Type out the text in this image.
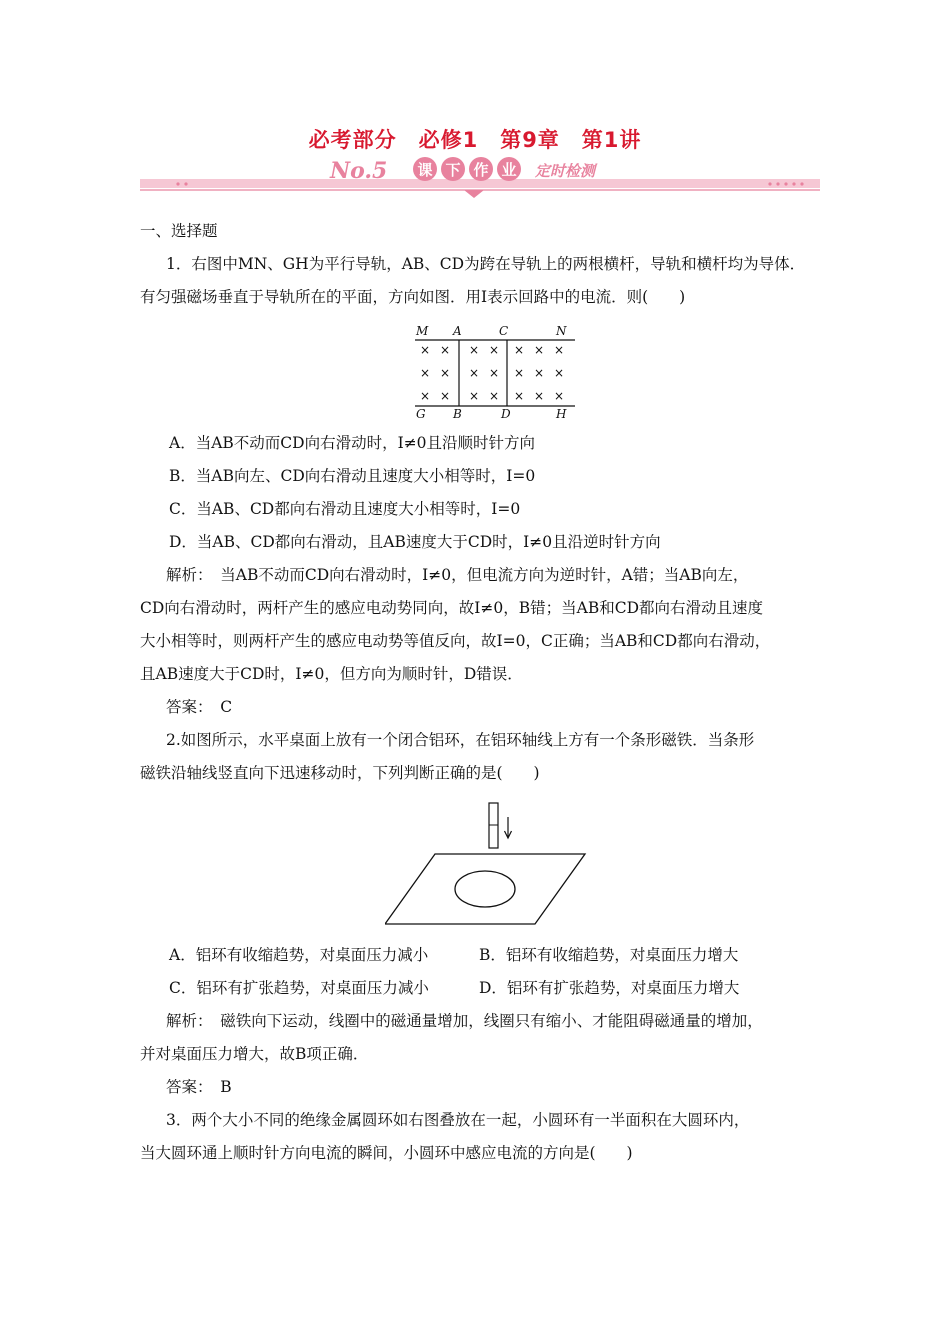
必考部分　必修1　第9章　第1讲
No.5 课 下 作 业 定时检测

一、选择题

1．右图中MN、GH为平行导轨，AB、CD为跨在导轨上的两根横杆，导轨和横杆均为导体．

有匀强磁场垂直于导轨所在的平面，方向如图．用I表示回路中的电流．则(　　)

M A	C	N
G B	D	H
× × × × × × ×
× × × × × × ×
× × × × × × ×

A．当AB不动而CD向右滑动时，I≠0且沿顺时针方向

B．当AB向左、CD向右滑动且速度大小相等时，I=0

C．当AB、CD都向右滑动且速度大小相等时，I=0

D．当AB、CD都向右滑动，且AB速度大于CD时，I≠0且沿逆时针方向

解析：　当AB不动而CD向右滑动时，I≠0，但电流方向为逆时针，A错；当AB向左，

CD向右滑动时，两杆产生的感应电动势同向，故I≠0，B错；当AB和CD都向右滑动且速度

大小相等时，则两杆产生的感应电动势等值反向，故I=0，C正确；当AB和CD都向右滑动，

且AB速度大于CD时，I≠0，但方向为顺时针，D错误．

答案：　C

2.如图所示，水平桌面上放有一个闭合铝环，在铝环轴线上方有一个条形磁铁．当条形

磁铁沿轴线竖直向下迅速移动时，下列判断正确的是(　　)

A．铝环有收缩趋势，对桌面压力减小	B．铝环有收缩趋势，对桌面压力增大
C．铝环有扩张趋势，对桌面压力减小	D．铝环有扩张趋势，对桌面压力增大

解析：　磁铁向下运动，线圈中的磁通量增加，线圈只有缩小、才能阻碍磁通量的增加，

并对桌面压力增大，故B项正确．

答案：　B

3．两个大小不同的绝缘金属圆环如右图叠放在一起，小圆环有一半面积在大圆环内，

当大圆环通上顺时针方向电流的瞬间，小圆环中感应电流的方向是(　　)
